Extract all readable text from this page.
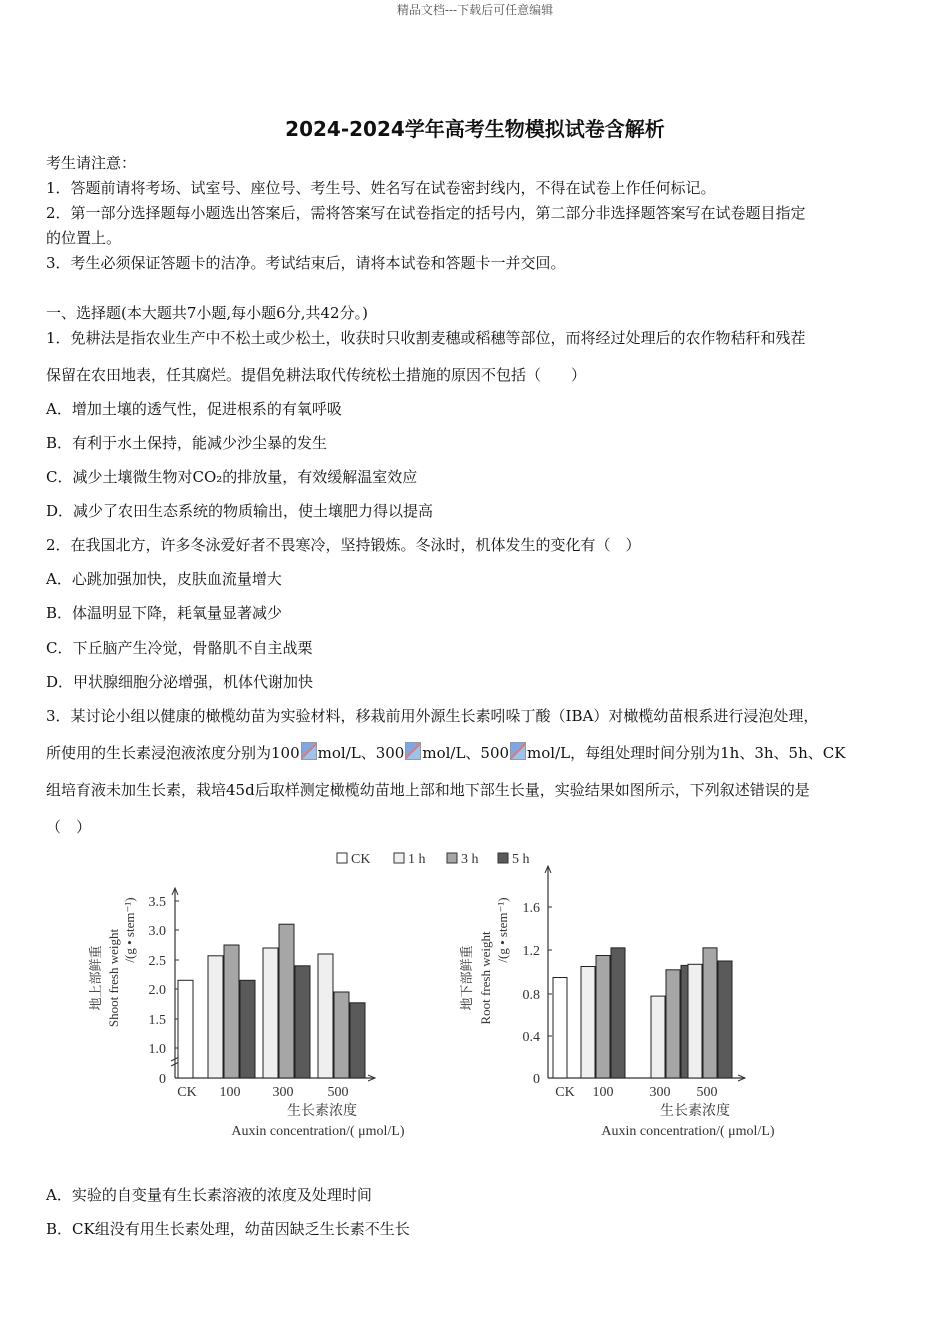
精品文档---下载后可任意编辑
2024-2024学年高考生物模拟试卷含解析
考生请注意：
1．答题前请将考场、试室号、座位号、考生号、姓名写在试卷密封线内，不得在试卷上作任何标记。
2．第一部分选择题每小题选出答案后，需将答案写在试卷指定的括号内，第二部分非选择题答案写在试卷题目指定
的位置上。
3．考生必须保证答题卡的洁净。考试结束后，请将本试卷和答题卡一并交回。
一、选择题(本大题共7小题,每小题6分,共42分。)
1．免耕法是指农业生产中不松土或少松土，收获时只收割麦穗或稻穗等部位，而将经过处理后的农作物秸秆和残茬
保留在农田地表，任其腐烂。提倡免耕法取代传统松土措施的原因不包括（　　）
A．增加土壤的透气性，促进根系的有氧呼吸
B．有利于水土保持，能减少沙尘暴的发生
C．减少土壤微生物对CO₂的排放量，有效缓解温室效应
D．减少了农田生态系统的物质输出，使土壤肥力得以提高
2．在我国北方，许多冬泳爱好者不畏寒冷，坚持锻炼。冬泳时，机体发生的变化有（　）
A．心跳加强加快，皮肤血流量增大
B．体温明显下降，耗氧量显著减少
C．下丘脑产生冷觉，骨骼肌不自主战栗
D．甲状腺细胞分泌增强，机体代谢加快
3．某讨论小组以健康的橄榄幼苗为实验材料，移栽前用外源生长素吲哚丁酸（IBA）对橄榄幼苗根系进行浸泡处理，
所使用的生长素浸泡液浓度分别为100 mol/L、300 mol/L、500 mol/L，每组处理时间分别为1h、3h、5h、CK
组培育液未加生长素，栽培45d后取样测定橄榄幼苗地上部和地下部生长量，实验结果如图所示，下列叙述错误的是
（　）
CK	1 h	3 h 5 h
0
1.0
1.5
2.0
2.5
3.0
3.5
CK 100 300 500
地上部鲜重 Shoot fresh weight /(g • stem⁻¹)
生长素浓度
Auxin concentration/( μmol/L)
0
0.4
0.8
1.2
1.6
CK 100	300 500
地下部鲜重 Root fresh weight
/(g • stem⁻¹)
生长素浓度
Auxin concentration/( μmol/L)
A．实验的自变量有生长素溶液的浓度及处理时间
B．CK组没有用生长素处理，幼苗因缺乏生长素不生长
